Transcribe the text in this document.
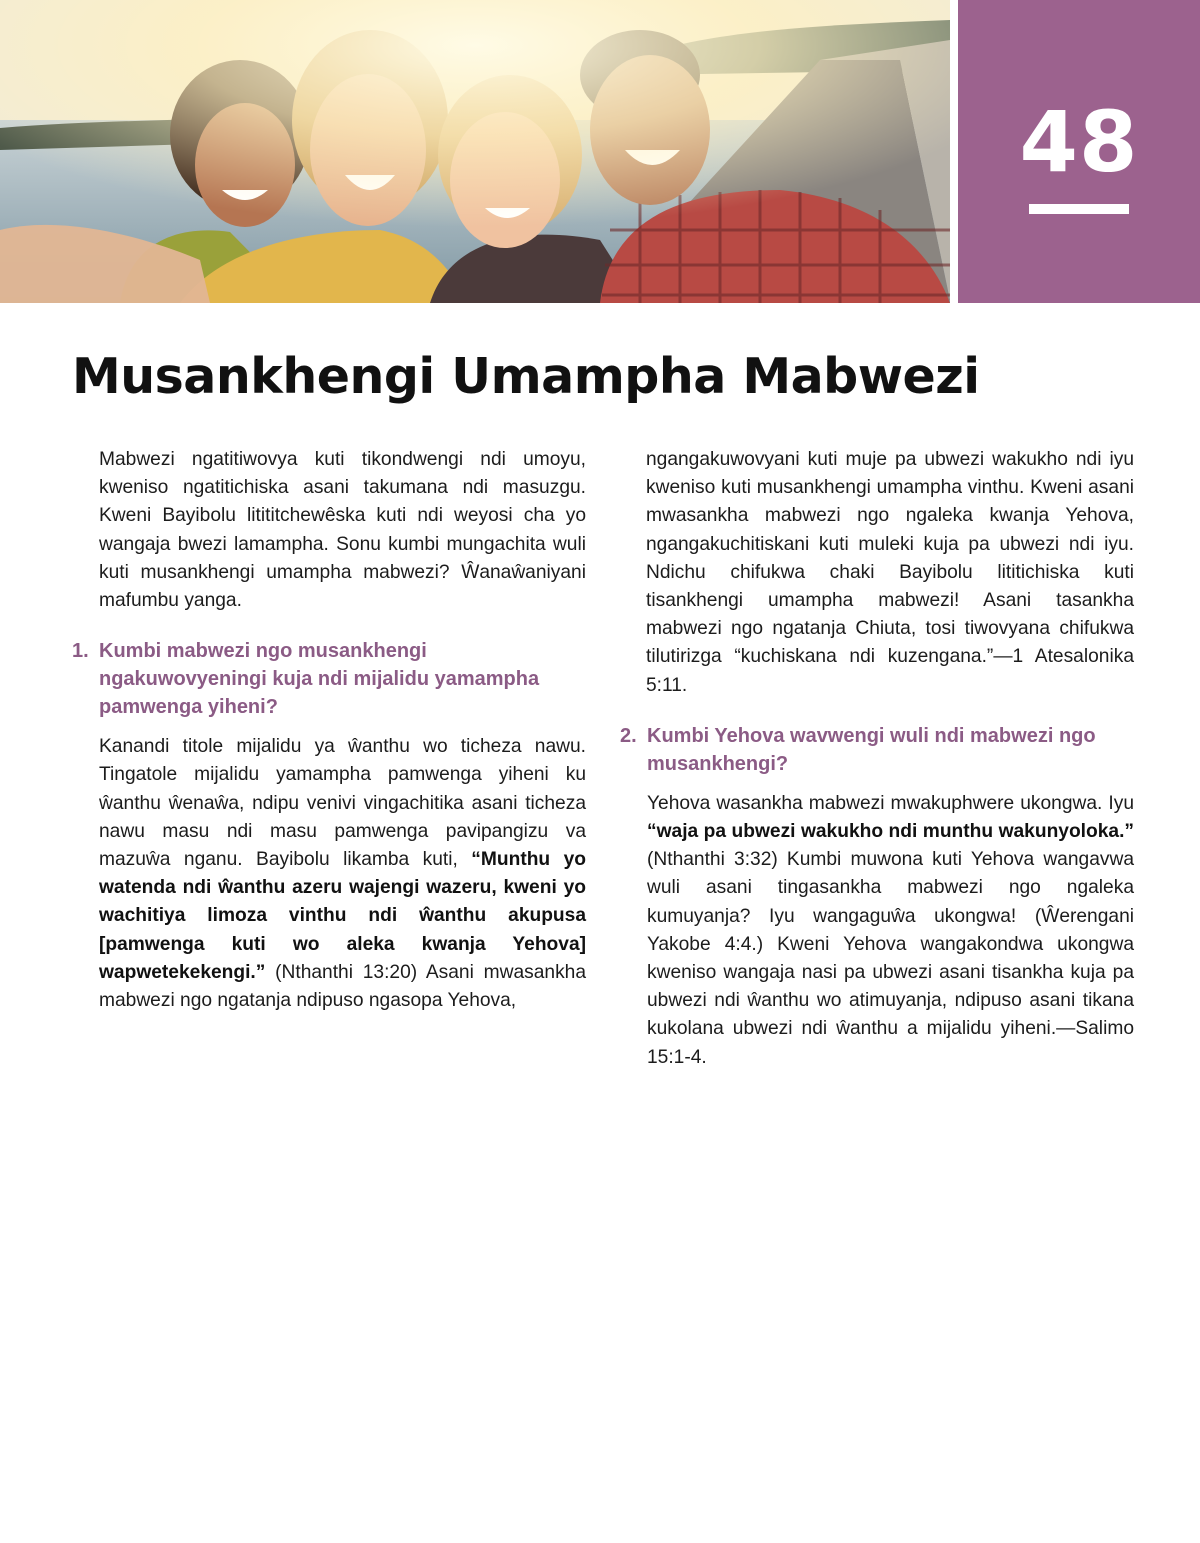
48
Musankhengi Umampha Mabwezi

Mabwezi ngatitiwovya kuti tikondwengi ndi umoyu, kweniso ngatitichiska asani takumana ndi masuzgu. Kweni Bayibolu litititchewêska kuti ndi weyosi cha yo wangaja bwezi lamampha. Sonu kumbi mungachita wuli kuti musankhengi umampha mabwezi? Ŵanaŵaniyani mafumbu yanga.

1. Kumbi mabwezi ngo musankhengi ngakuwovyeningi kuja ndi mijalidu yamampha pamwenga yiheni?

Kanandi titole mijalidu ya ŵanthu wo ticheza nawu. Tingatole mijalidu yamampha pamwenga yiheni ku ŵanthu ŵenaŵa, ndipu venivi vingachitika asani ticheza nawu masu ndi masu pamwenga pavipangizu va mazuŵa nganu. Bayibolu likamba kuti, “Munthu yo watenda ndi ŵanthu azeru wajengi wazeru, kweni yo wachitiya limoza vinthu ndi ŵanthu akupusa [pamwenga kuti wo aleka kwanja Yehova] wapwetekekengi.” (Nthanthi 13:20) Asani mwasankha mabwezi ngo ngatanja ndipuso ngasopa Yehova,

ngangakuwovyani kuti muje pa ubwezi wakukho ndi iyu kweniso kuti musankhengi umampha vinthu. Kweni asani mwasankha mabwezi ngo ngaleka kwanja Yehova, ngangakuchitiskani kuti muleki kuja pa ubwezi ndi iyu. Ndichu chifukwa chaki Bayibolu lititichiska kuti tisankhengi umampha mabwezi! Asani tasankha mabwezi ngo ngatanja Chiuta, tosi tiwovyana chifukwa tilutirizga “kuchiskana ndi kuzengana.”—1 Atesalonika 5:11.

2. Kumbi Yehova wavwengi wuli ndi mabwezi ngo musankhengi?

Yehova wasankha mabwezi mwakuphwere ukongwa. Iyu “waja pa ubwezi wakukho ndi munthu wakunyoloka.” (Nthanthi 3:32) Kumbi muwona kuti Yehova wangavwa wuli asani tingasankha mabwezi ngo ngaleka kumuyanja? Iyu wangaguŵa ukongwa! (Ŵerengani Yakobe 4:4.) Kweni Yehova wangakondwa ukongwa kweniso wangaja nasi pa ubwezi asani tisankha kuja pa ubwezi ndi ŵanthu wo atimuyanja, ndipuso asani tikana kukolana ubwezi ndi ŵanthu a mijalidu yiheni.—Salimo 15:1-4.
